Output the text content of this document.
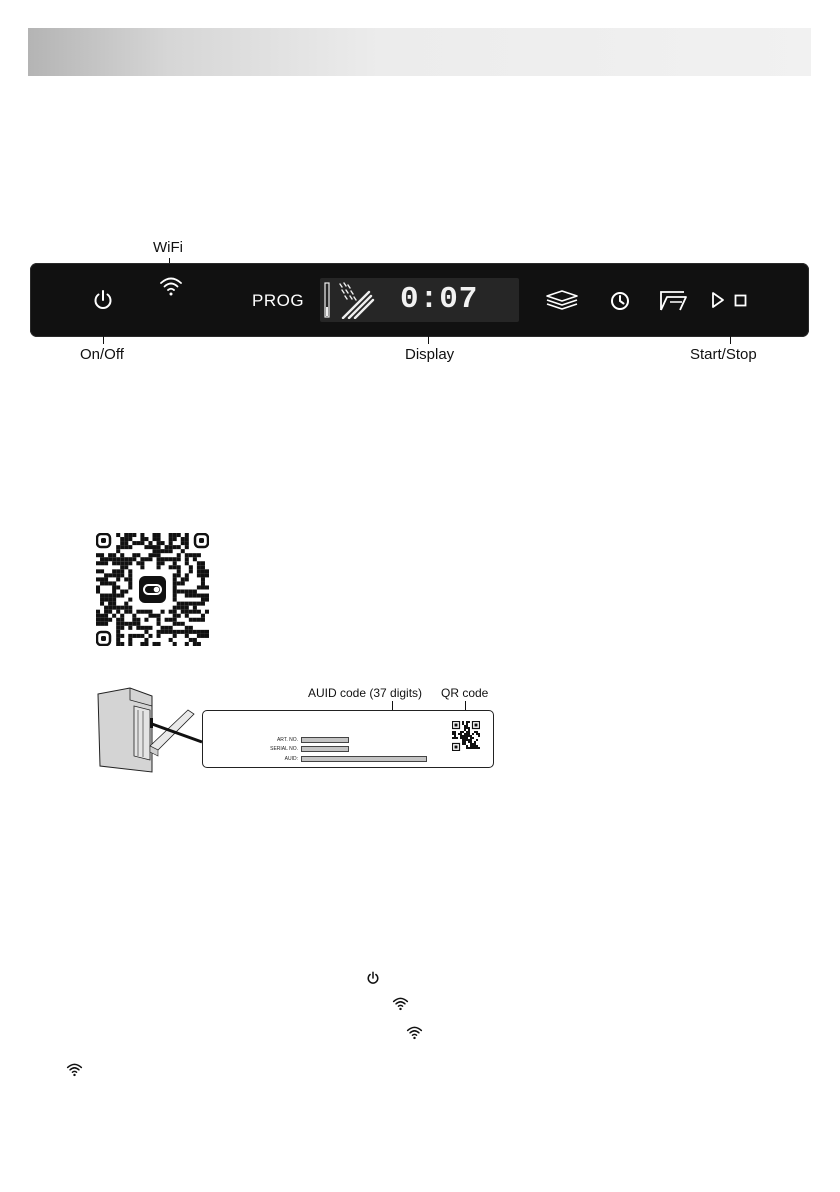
WiFi
PROG	0:07
On/Off	Display	Start/Stop
AUID code (37 digits) QR code
ART. NO.
SERIAL NO.
AUID:
